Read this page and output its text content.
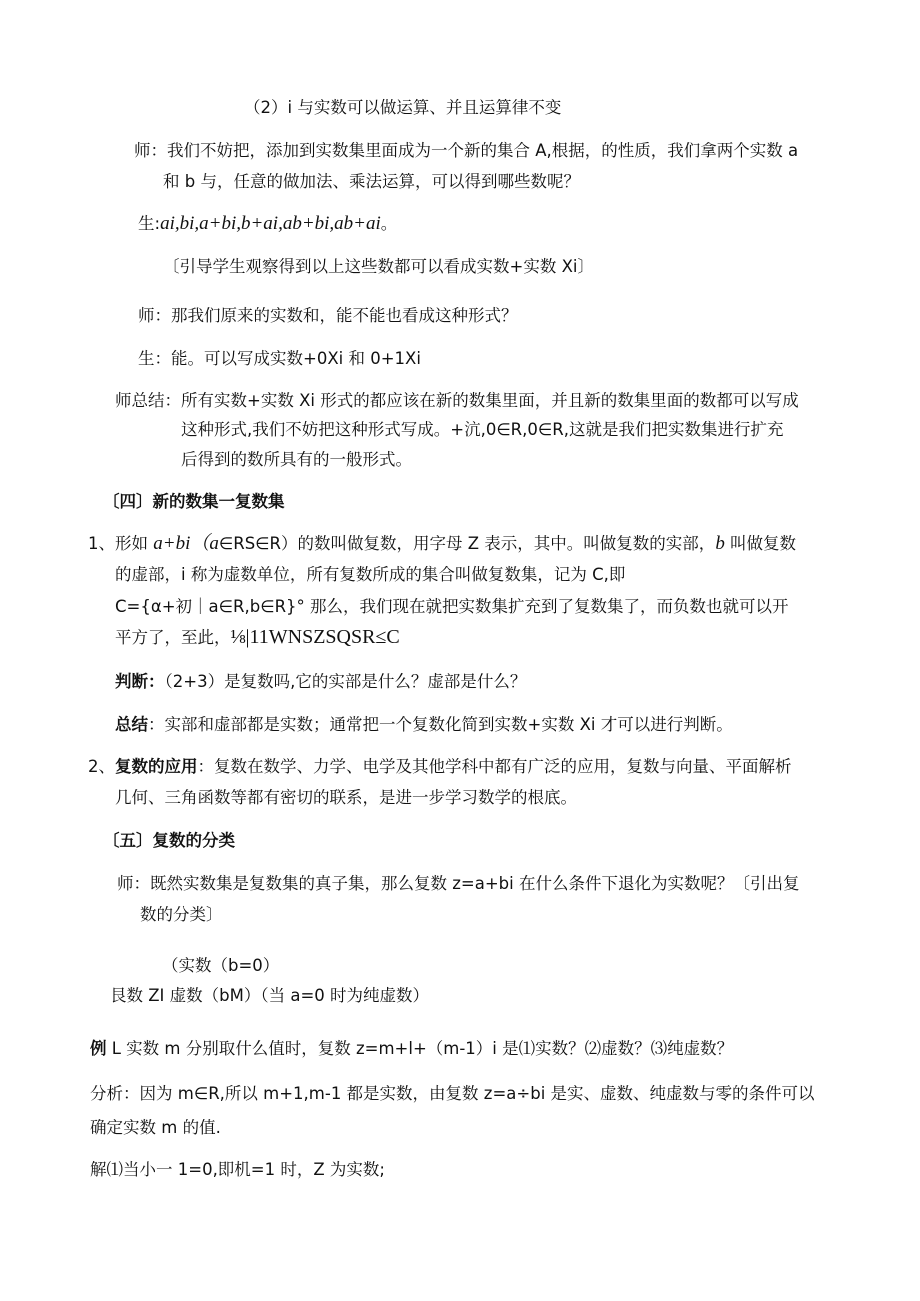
（2）i 与实数可以做运算、并且运算律不变
师：我们不妨把，添加到实数集里面成为一个新的集合 A,根据，的性质，我们拿两个实数 a
和 b 与，任意的做加法、乘法运算，可以得到哪些数呢？
生:ai,bi,a+bi,b+ai,ab+bi,ab+ai。
〔引导学生观察得到以上这些数都可以看成实数+实数 Xi〕
师：那我们原来的实数和，能不能也看成这种形式？
生：能。可以写成实数+0Xi 和 0+1Xi
师总结：所有实数+实数 Xi 形式的都应该在新的数集里面，并且新的数集里面的数都可以写成
这种形式,我们不妨把这种形式写成。+沆,0∈R,0∈R,这就是我们把实数集进行扩充
后得到的数所具有的一般形式。
〔四〕新的数集一复数集
1、形如 a+bi（a∈RS∈R）的数叫做复数，用字母 Z 表示，其中。叫做复数的实部，b 叫做复数
的虚部，i 称为虚数单位，所有复数所成的集合叫做复数集，记为 C,即
C={α+初｜a∈R,b∈R}° 那么，我们现在就把实数集扩充到了复数集了，而负数也就可以开
平方了，至此，⅛|11WNSZSQSR≤C
判断：（2+3）是复数吗,它的实部是什么？虚部是什么？
总结：实部和虚部都是实数；通常把一个复数化简到实数+实数 Xi 才可以进行判断。
2、复数的应用：复数在数学、力学、电学及其他学科中都有广泛的应用，复数与向量、平面解析
几何、三角函数等都有密切的联系，是进一步学习数学的根底。
〔五〕复数的分类
师：既然实数集是复数集的真子集，那么复数 z=a+bi 在什么条件下退化为实数呢？〔引出复
数的分类〕
（实数（b=0）
艮数 ZI 虚数（bM）（当 a=0 时为纯虚数）
例 L 实数 m 分别取什么值时，复数 z=m+l+（m-1）i 是⑴实数？⑵虚数？⑶纯虚数？
分析：因为 m∈R,所以 m+1,m-1 都是实数，由复数 z=a÷bi 是实、虚数、纯虚数与零的条件可以
确定实数 m 的值.
解⑴当小一 1=0,即机=1 时，Z 为实数;
